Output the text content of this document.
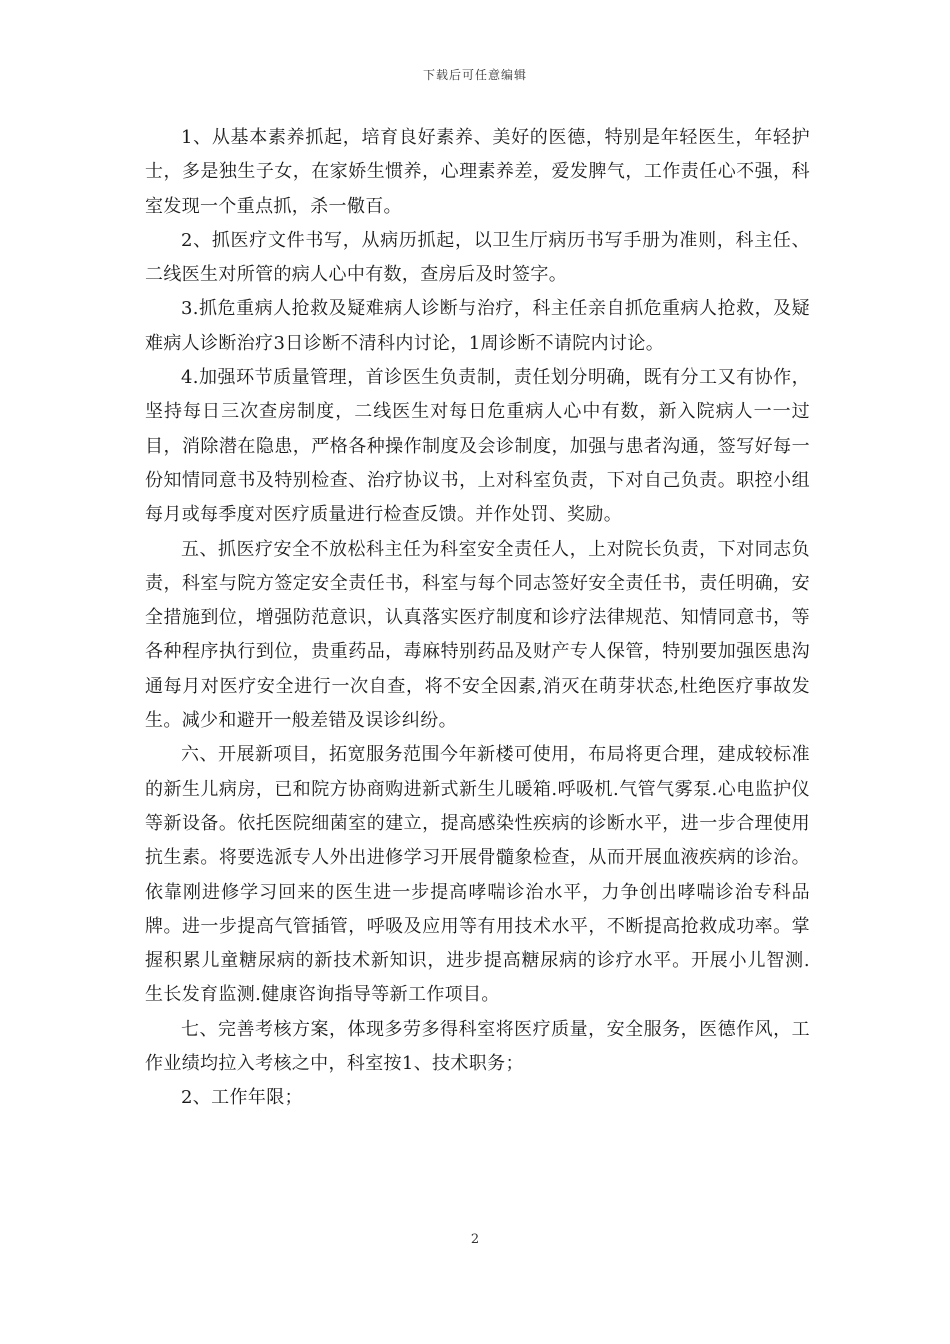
下载后可任意编辑

1、从基本素养抓起，培育良好素养、美好的医德，特别是年轻医生，年轻护士，多是独生子女，在家娇生惯养，心理素养差，爱发脾气，工作责任心不强，科室发现一个重点抓，杀一儆百。

2、抓医疗文件书写，从病历抓起，以卫生厅病历书写手册为准则，科主任、二线医生对所管的病人心中有数，查房后及时签字。

3.抓危重病人抢救及疑难病人诊断与治疗，科主任亲自抓危重病人抢救，及疑难病人诊断治疗3日诊断不清科内讨论，1周诊断不请院内讨论。

4.加强环节质量管理，首诊医生负责制，责任划分明确，既有分工又有协作，坚持每日三次查房制度，二线医生对每日危重病人心中有数，新入院病人一一过目，消除潜在隐患，严格各种操作制度及会诊制度，加强与患者沟通，签写好每一份知情同意书及特别检查、治疗协议书，上对科室负责，下对自己负责。职控小组每月或每季度对医疗质量进行检查反馈。并作处罚、奖励。

五、抓医疗安全不放松科主任为科室安全责任人，上对院长负责，下对同志负责，科室与院方签定安全责任书，科室与每个同志签好安全责任书，责任明确，安全措施到位，增强防范意识，认真落实医疗制度和诊疗法律规范、知情同意书，等各种程序执行到位，贵重药品，毒麻特别药品及财产专人保管，特别要加强医患沟通每月对医疗安全进行一次自查，将不安全因素,消灭在萌芽状态,杜绝医疗事故发生。减少和避开一般差错及误诊纠纷。

六、开展新项目，拓宽服务范围今年新楼可使用，布局将更合理，建成较标准的新生儿病房，已和院方协商购进新式新生儿暖箱.呼吸机.气管气雾泵.心电监护仪等新设备。依托医院细菌室的建立，提高感染性疾病的诊断水平，进一步合理使用抗生素。将要选派专人外出进修学习开展骨髓象检查，从而开展血液疾病的诊治。依靠刚进修学习回来的医生进一步提高哮喘诊治水平，力争创出哮喘诊治专科品牌。进一步提高气管插管，呼吸及应用等有用技术水平，不断提高抢救成功率。掌握积累儿童糖尿病的新技术新知识，进步提高糖尿病的诊疗水平。开展小儿智测.生长发育监测.健康咨询指导等新工作项目。

七、完善考核方案，体现多劳多得科室将医疗质量，安全服务，医德作风，工作业绩均拉入考核之中，科室按1、技术职务；

2、工作年限；

2
